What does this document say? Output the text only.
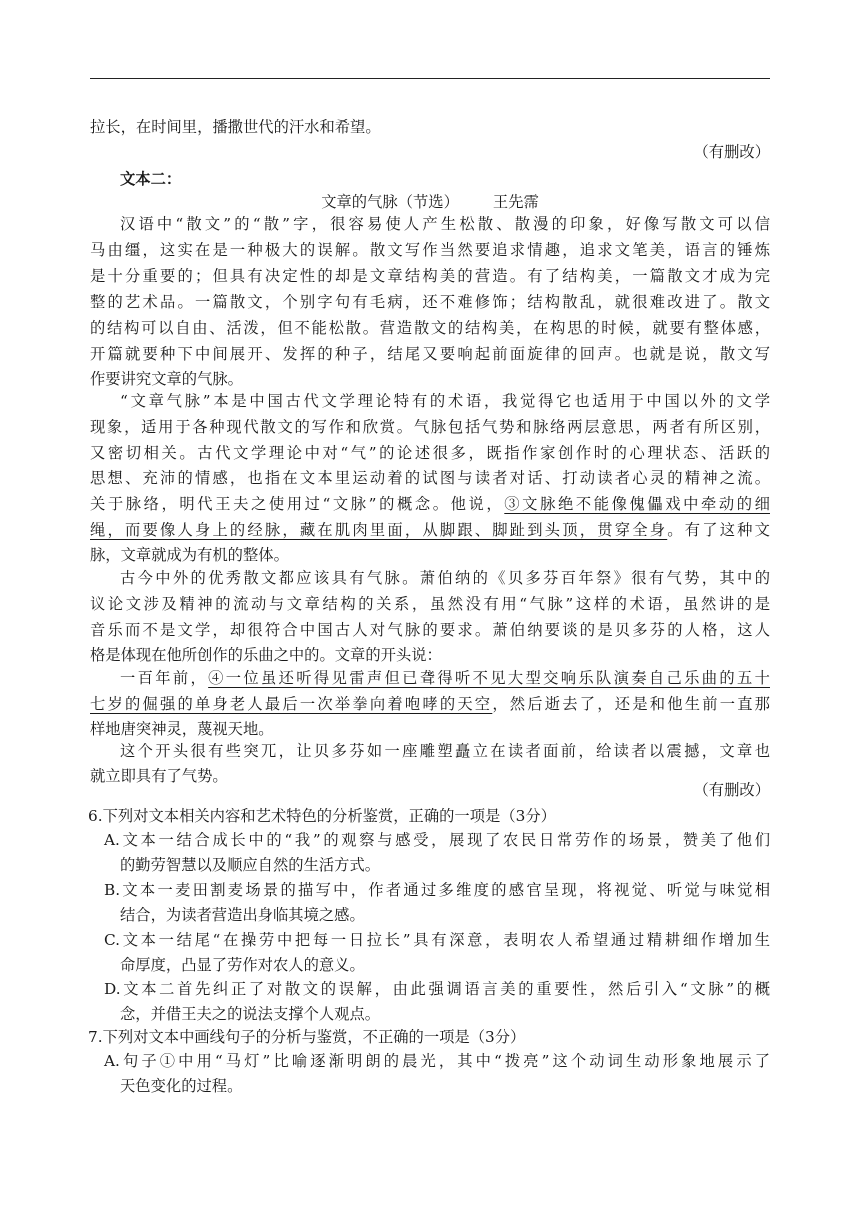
拉长，在时间里，播撒世代的汗水和希望。
（有删改）
文本二：
文章的气脉（节选） 王先霈
汉语中“散文”的“散”字，很容易使人产生松散、散漫的印象，好像写散文可以信
马由缰，这实在是一种极大的误解。散文写作当然要追求情趣，追求文笔美，语言的锤炼
是十分重要的；但具有决定性的却是文章结构美的营造。有了结构美，一篇散文才成为完
整的艺术品。一篇散文，个别字句有毛病，还不难修饰；结构散乱，就很难改进了。散文
的结构可以自由、活泼，但不能松散。营造散文的结构美，在构思的时候，就要有整体感，
开篇就要种下中间展开、发挥的种子，结尾又要响起前面旋律的回声。也就是说，散文写
作要讲究文章的气脉。
“文章气脉”本是中国古代文学理论特有的术语，我觉得它也适用于中国以外的文学
现象，适用于各种现代散文的写作和欣赏。气脉包括气势和脉络两层意思，两者有所区别，
又密切相关。古代文学理论中对“气”的论述很多，既指作家创作时的心理状态、活跃的
思想、充沛的情感，也指在文本里运动着的试图与读者对话、打动读者心灵的精神之流。
关于脉络，明代王夫之使用过“文脉”的概念。他说，③文脉绝不能像傀儡戏中牵动的细
绳，而要像人身上的经脉，藏在肌肉里面，从脚跟、脚趾到头顶，贯穿全身。有了这种文
脉，文章就成为有机的整体。
古今中外的优秀散文都应该具有气脉。萧伯纳的《贝多芬百年祭》很有气势，其中的
议论文涉及精神的流动与文章结构的关系，虽然没有用“气脉”这样的术语，虽然讲的是
音乐而不是文学，却很符合中国古人对气脉的要求。萧伯纳要谈的是贝多芬的人格，这人
格是体现在他所创作的乐曲之中的。文章的开头说：
一百年前，④一位虽还听得见雷声但已聋得听不见大型交响乐队演奏自己乐曲的五十
七岁的倔强的单身老人最后一次举拳向着咆哮的天空，然后逝去了，还是和他生前一直那
样地唐突神灵，蔑视天地。
这个开头很有些突兀，让贝多芬如一座雕塑矗立在读者面前，给读者以震撼，文章也
就立即具有了气势。
（有删改）
6.下列对文本相关内容和艺术特色的分析鉴赏，正确的一项是（3分）
A.文本一结合成长中的“我”的观察与感受，展现了农民日常劳作的场景，赞美了他们
的勤劳智慧以及顺应自然的生活方式。
B.文本一麦田割麦场景的描写中，作者通过多维度的感官呈现，将视觉、听觉与味觉相
结合，为读者营造出身临其境之感。
C.文本一结尾“在操劳中把每一日拉长”具有深意，表明农人希望通过精耕细作增加生
命厚度，凸显了劳作对农人的意义。
D.文本二首先纠正了对散文的误解，由此强调语言美的重要性，然后引入“文脉”的概
念，并借王夫之的说法支撑个人观点。
7.下列对文本中画线句子的分析与鉴赏，不正确的一项是（3分）
A.句子①中用“马灯”比喻逐渐明朗的晨光，其中“拨亮”这个动词生动形象地展示了
天色变化的过程。
